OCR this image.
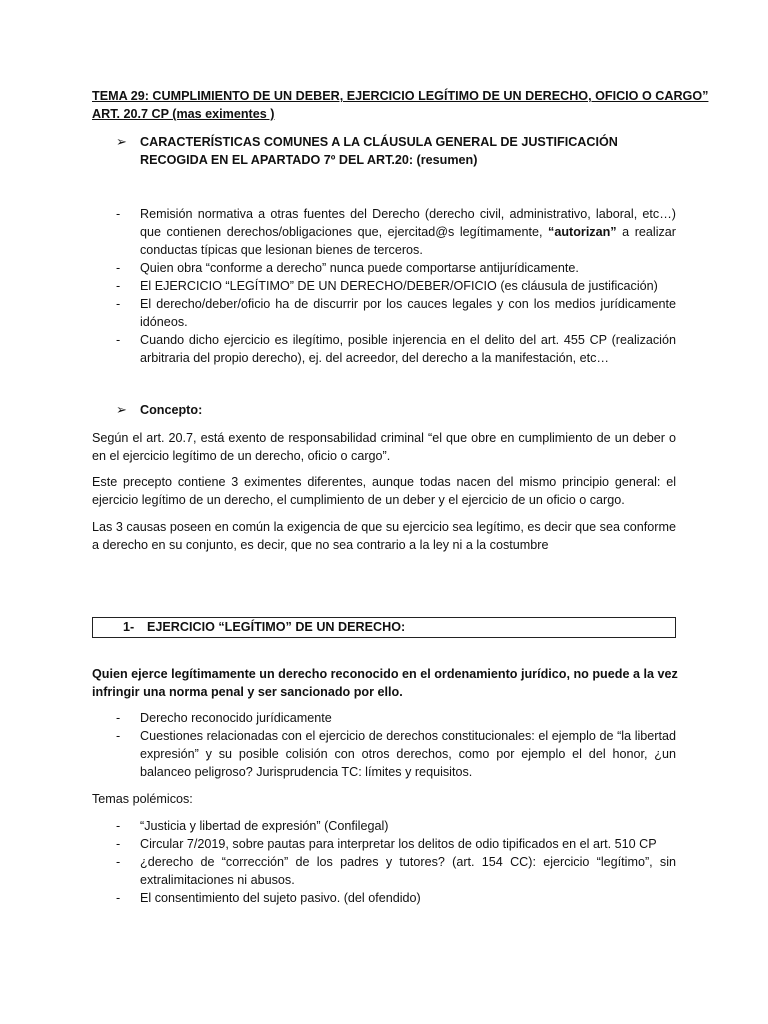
TEMA 29: CUMPLIMIENTO DE UN DEBER, EJERCICIO LEGÍTIMO DE UN DERECHO, OFICIO O CARGO”
ART. 20.7 CP (mas eximentes )
➢ CARACTERÍSTICAS COMUNES A LA CLÁUSULA GENERAL DE JUSTIFICACIÓN RECOGIDA EN EL APARTADO 7º DEL ART.20: (resumen)
- Remisión normativa a otras fuentes del Derecho (derecho civil, administrativo, laboral, etc…) que contienen derechos/obligaciones que, ejercitad@s legítimamente, “autorizan” a realizar conductas típicas que lesionan bienes de terceros.
- Quien obra “conforme a derecho” nunca puede comportarse antijurídicamente.
- El EJERCICIO “LEGÍTIMO” DE UN DERECHO/DEBER/OFICIO (es cláusula de justificación)
- El derecho/deber/oficio ha de discurrir por los cauces legales y con los medios jurídicamente idóneos.
- Cuando dicho ejercicio es ilegítimo, posible injerencia en el delito del art. 455 CP (realización arbitraria del propio derecho), ej. del acreedor, del derecho a la manifestación, etc…
➢ Concepto:
Según el art. 20.7, está exento de responsabilidad criminal “el que obre en cumplimiento de un deber o en el ejercicio legítimo de un derecho, oficio o cargo”.
Este precepto contiene 3 eximentes diferentes, aunque todas nacen del mismo principio general: el ejercicio legítimo de un derecho, el cumplimiento de un deber y el ejercicio de un oficio o cargo.
Las 3 causas poseen en común la exigencia de que su ejercicio sea legítimo, es decir que sea conforme a derecho en su conjunto, es decir, que no sea contrario a la ley ni a la costumbre
1- EJERCICIO “LEGÍTIMO” DE UN DERECHO:
Quien ejerce legítimamente un derecho reconocido en el ordenamiento jurídico, no puede a la vez infringir una norma penal y ser sancionado por ello.
- Derecho reconocido jurídicamente
- Cuestiones relacionadas con el ejercicio de derechos constitucionales: el ejemplo de “la libertad expresión” y su posible colisión con otros derechos, como por ejemplo el del honor, ¿un balanceo peligroso? Jurisprudencia TC: límites y requisitos.
Temas polémicos:
- “Justicia y libertad de expresión” (Confilegal)
- Circular 7/2019, sobre pautas para interpretar los delitos de odio tipificados en el art. 510 CP
- ¿derecho de “corrección” de los padres y tutores? (art. 154 CC): ejercicio “legítimo”, sin extralimitaciones ni abusos.
- El consentimiento del sujeto pasivo. (del ofendido)
